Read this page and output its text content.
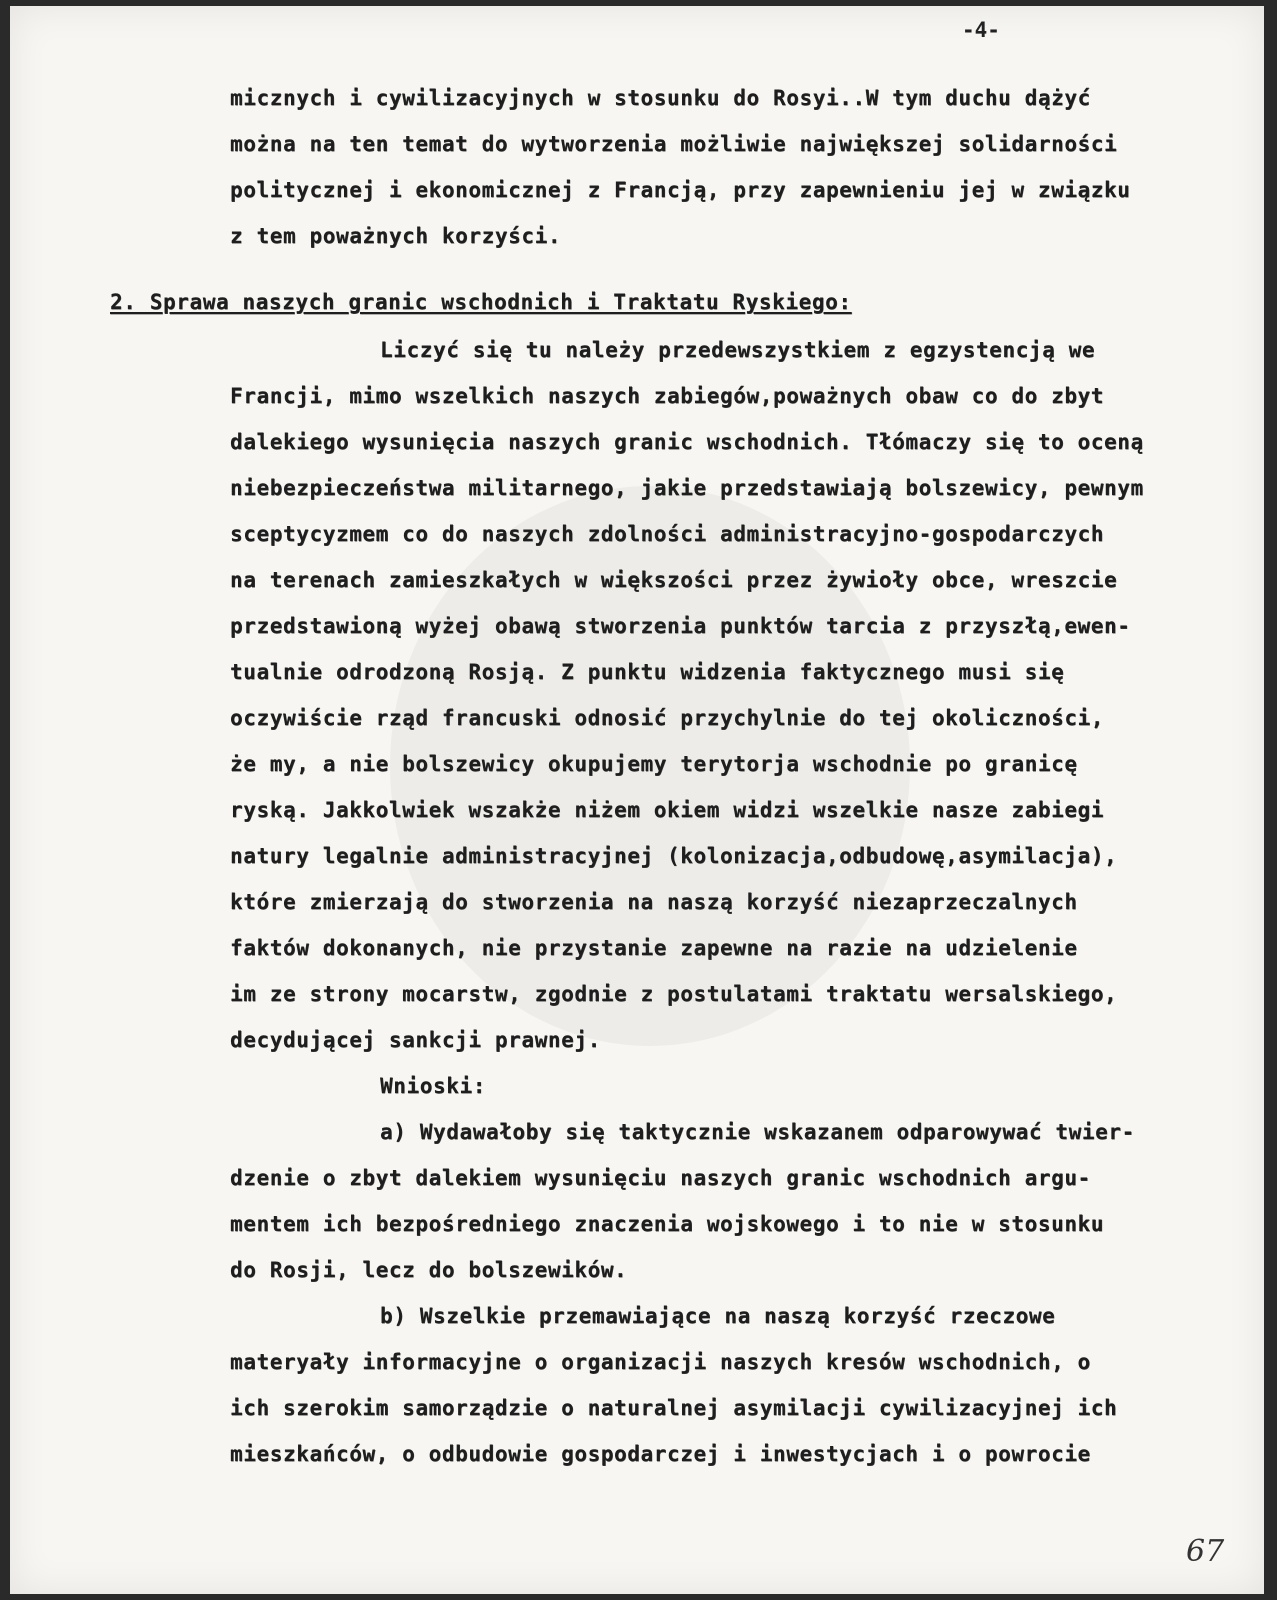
-4-
micznych i cywilizacyjnych w stosunku do Rosyi..W tym duchu dążyć
można na ten temat do wytworzenia możliwie największej solidarności
politycznej i ekonomicznej z Francją, przy zapewnieniu jej w związku
z tem poważnych korzyści.
2. Sprawa naszych granic wschodnich i Traktatu Ryskiego:
Liczyć się tu należy przedewszystkiem z egzystencją we
Francji, mimo wszelkich naszych zabiegów,poważnych obaw co do zbyt
dalekiego wysunięcia naszych granic wschodnich. Tłómaczy się to oceną
niebezpieczeństwa militarnego, jakie przedstawiają bolszewicy, pewnym
sceptycyzmem co do naszych zdolności administracyjno-gospodarczych
na terenach zamieszkałych w większości przez żywioły obce, wreszcie
przedstawioną wyżej obawą stworzenia punktów tarcia z przyszłą,ewen-
tualnie odrodzoną Rosją. Z punktu widzenia faktycznego musi się
oczywiście rząd francuski odnosić przychylnie do tej okoliczności,
że my, a nie bolszewicy okupujemy terytorja wschodnie po granicę
ryską. Jakkolwiek wszakże niżem okiem widzi wszelkie nasze zabiegi
natury legalnie administracyjnej (kolonizacja,odbudowę,asymilacja),
które zmierzają do stworzenia na naszą korzyść niezaprzeczalnych
faktów dokonanych, nie przystanie zapewne na razie na udzielenie
im ze strony mocarstw, zgodnie z postulatami traktatu wersalskiego,
decydującej sankcji prawnej.
Wnioski:
a) Wydawałoby się taktycznie wskazanem odparowywać twier-
dzenie o zbyt dalekiem wysunięciu naszych granic wschodnich argu-
mentem ich bezpośredniego znaczenia wojskowego i to nie w stosunku
do Rosji, lecz do bolszewików.
b) Wszelkie przemawiające na naszą korzyść rzeczowe
materyały informacyjne o organizacji naszych kresów wschodnich, o
ich szerokim samorządzie o naturalnej asymilacji cywilizacyjnej ich
mieszkańców, o odbudowie gospodarczej i inwestycjach i o powrocie
67
